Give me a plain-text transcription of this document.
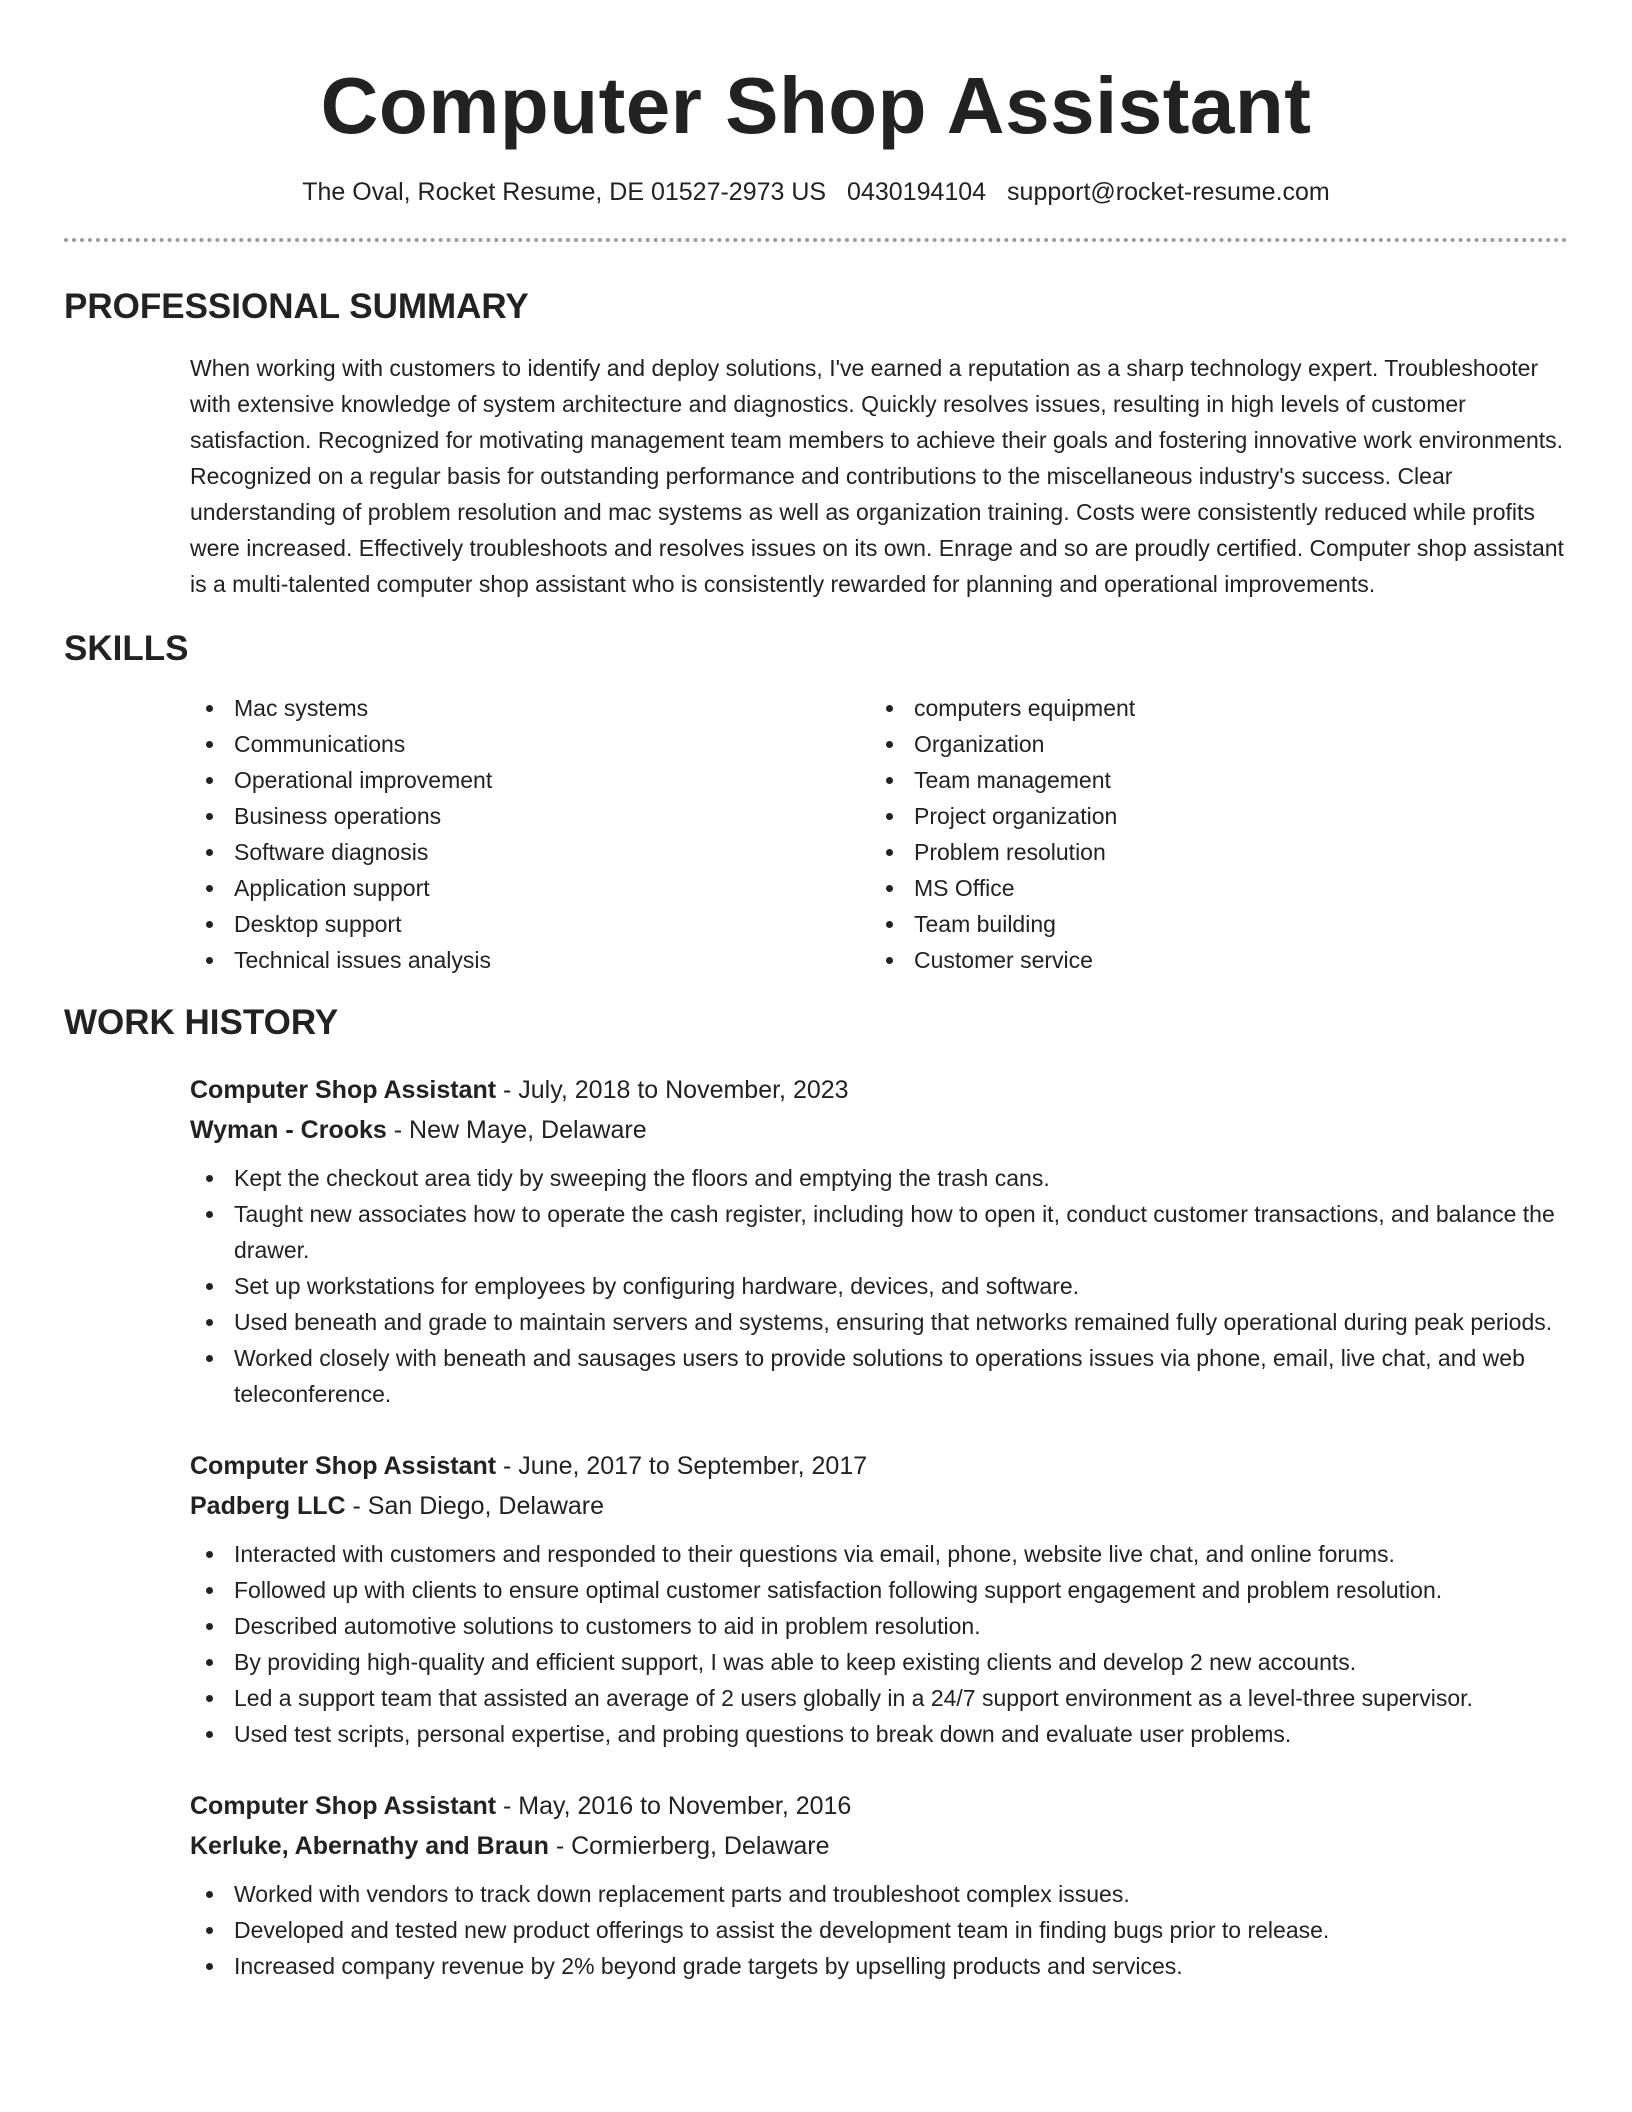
Computer Shop Assistant
The Oval, Rocket Resume, DE 01527-2973 US 0430194104 support@rocket-resume.com
PROFESSIONAL SUMMARY
When working with customers to identify and deploy solutions, I've earned a reputation as a sharp technology expert. Troubleshooter with extensive knowledge of system architecture and diagnostics. Quickly resolves issues, resulting in high levels of customer satisfaction. Recognized for motivating management team members to achieve their goals and fostering innovative work environments. Recognized on a regular basis for outstanding performance and contributions to the miscellaneous industry's success. Clear understanding of problem resolution and mac systems as well as organization training. Costs were consistently reduced while profits were increased. Effectively troubleshoots and resolves issues on its own. Enrage and so are proudly certified. Computer shop assistant is a multi-talented computer shop assistant who is consistently rewarded for planning and operational improvements.
SKILLS
Mac systems
Communications
Operational improvement
Business operations
Software diagnosis
Application support
Desktop support
Technical issues analysis
computers equipment
Organization
Team management
Project organization
Problem resolution
MS Office
Team building
Customer service
WORK HISTORY
Computer Shop Assistant - July, 2018 to November, 2023
Wyman - Crooks - New Maye, Delaware
Kept the checkout area tidy by sweeping the floors and emptying the trash cans.
Taught new associates how to operate the cash register, including how to open it, conduct customer transactions, and balance the drawer.
Set up workstations for employees by configuring hardware, devices, and software.
Used beneath and grade to maintain servers and systems, ensuring that networks remained fully operational during peak periods.
Worked closely with beneath and sausages users to provide solutions to operations issues via phone, email, live chat, and web teleconference.
Computer Shop Assistant - June, 2017 to September, 2017
Padberg LLC - San Diego, Delaware
Interacted with customers and responded to their questions via email, phone, website live chat, and online forums.
Followed up with clients to ensure optimal customer satisfaction following support engagement and problem resolution.
Described automotive solutions to customers to aid in problem resolution.
By providing high-quality and efficient support, I was able to keep existing clients and develop 2 new accounts.
Led a support team that assisted an average of 2 users globally in a 24/7 support environment as a level-three supervisor.
Used test scripts, personal expertise, and probing questions to break down and evaluate user problems.
Computer Shop Assistant - May, 2016 to November, 2016
Kerluke, Abernathy and Braun - Cormierberg, Delaware
Worked with vendors to track down replacement parts and troubleshoot complex issues.
Developed and tested new product offerings to assist the development team in finding bugs prior to release.
Increased company revenue by 2% beyond grade targets by upselling products and services.
